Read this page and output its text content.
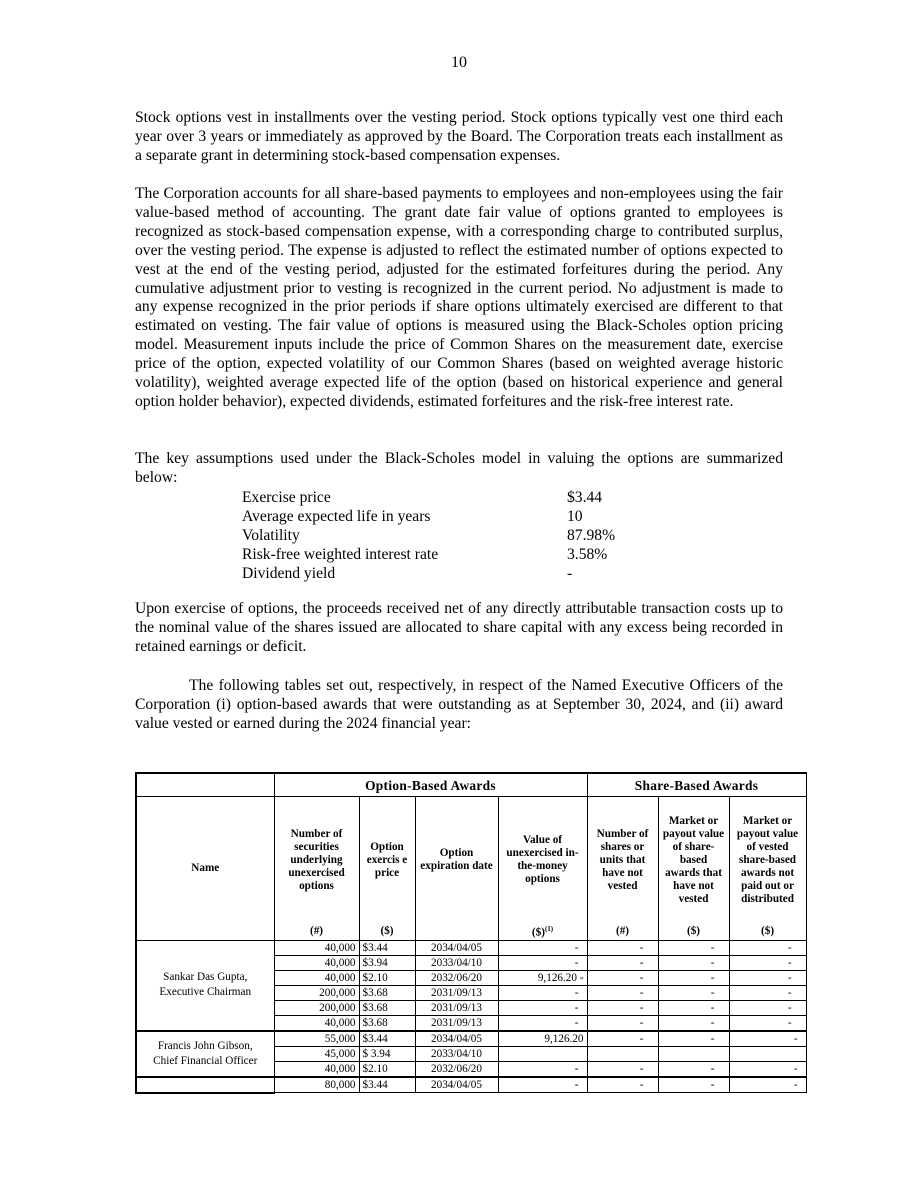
10
Stock options vest in installments over the vesting period. Stock options typically vest one third each year over 3 years or immediately as approved by the Board. The Corporation treats each installment as a separate grant in determining stock-based compensation expenses.
The Corporation accounts for all share-based payments to employees and non-employees using the fair value-based method of accounting. The grant date fair value of options granted to employees is recognized as stock-based compensation expense, with a corresponding charge to contributed surplus, over the vesting period. The expense is adjusted to reflect the estimated number of options expected to vest at the end of the vesting period, adjusted for the estimated forfeitures during the period. Any cumulative adjustment prior to vesting is recognized in the current period. No adjustment is made to any expense recognized in the prior periods if share options ultimately exercised are different to that estimated on vesting. The fair value of options is measured using the Black-Scholes option pricing model. Measurement inputs include the price of Common Shares on the measurement date, exercise price of the option, expected volatility of our Common Shares (based on weighted average historic volatility), weighted average expected life of the option (based on historical experience and general option holder behavior), expected dividends, estimated forfeitures and the risk-free interest rate.
The key assumptions used under the Black-Scholes model in valuing the options are summarized below:
Exercise price	$3.44
Average expected life in years	10
Volatility	87.98%
Risk-free weighted interest rate	3.58%
Dividend yield	-
Upon exercise of options, the proceeds received net of any directly attributable transaction costs up to the nominal value of the shares issued are allocated to share capital with any excess being recorded in retained earnings or deficit.
The following tables set out, respectively, in respect of the Named Executive Officers of the Corporation (i) option-based awards that were outstanding as at September 30, 2024, and (ii) award value vested or earned during the 2024 financial year:
	Option-Based Awards				Share-Based Awards		
Name	Number of securities underlying unexercised options	Option exercis e price	Option expiration date	Value of unexercised in-the-money options	Number of shares or units that have not vested	Market or payout value of share-based awards that have not vested	Market or payout value of vested share-based awards not paid out or distributed
	(#)	($)		($)$^{(1)}$	(#)	($)	($)

Sankar Das Gupta,
Executive Chairman	40,000	$3.44	2034/04/05	-	-	-	-
	40,000	$3.94	2033/04/10	-	-	-	-
	40,000	$2.10	2032/06/20	9,126.20 -	-	-	-
	200,000	$3.68	2031/09/13	-	-	-	-
	200,000	$3.68	2031/09/13	-	-	-	-
	40,000	$3.68	2031/09/13	-	-	-	-

Francis John Gibson,
Chief Financial Officer	55,000	$3.44	2034/04/05	9,126.20	-	-	-
	45,000	$ 3.94	2033/04/10				
	40,000	$2.10	2032/06/20	-	-	-	-
	80,000	$3.44	2034/04/05	-	-	-	-
